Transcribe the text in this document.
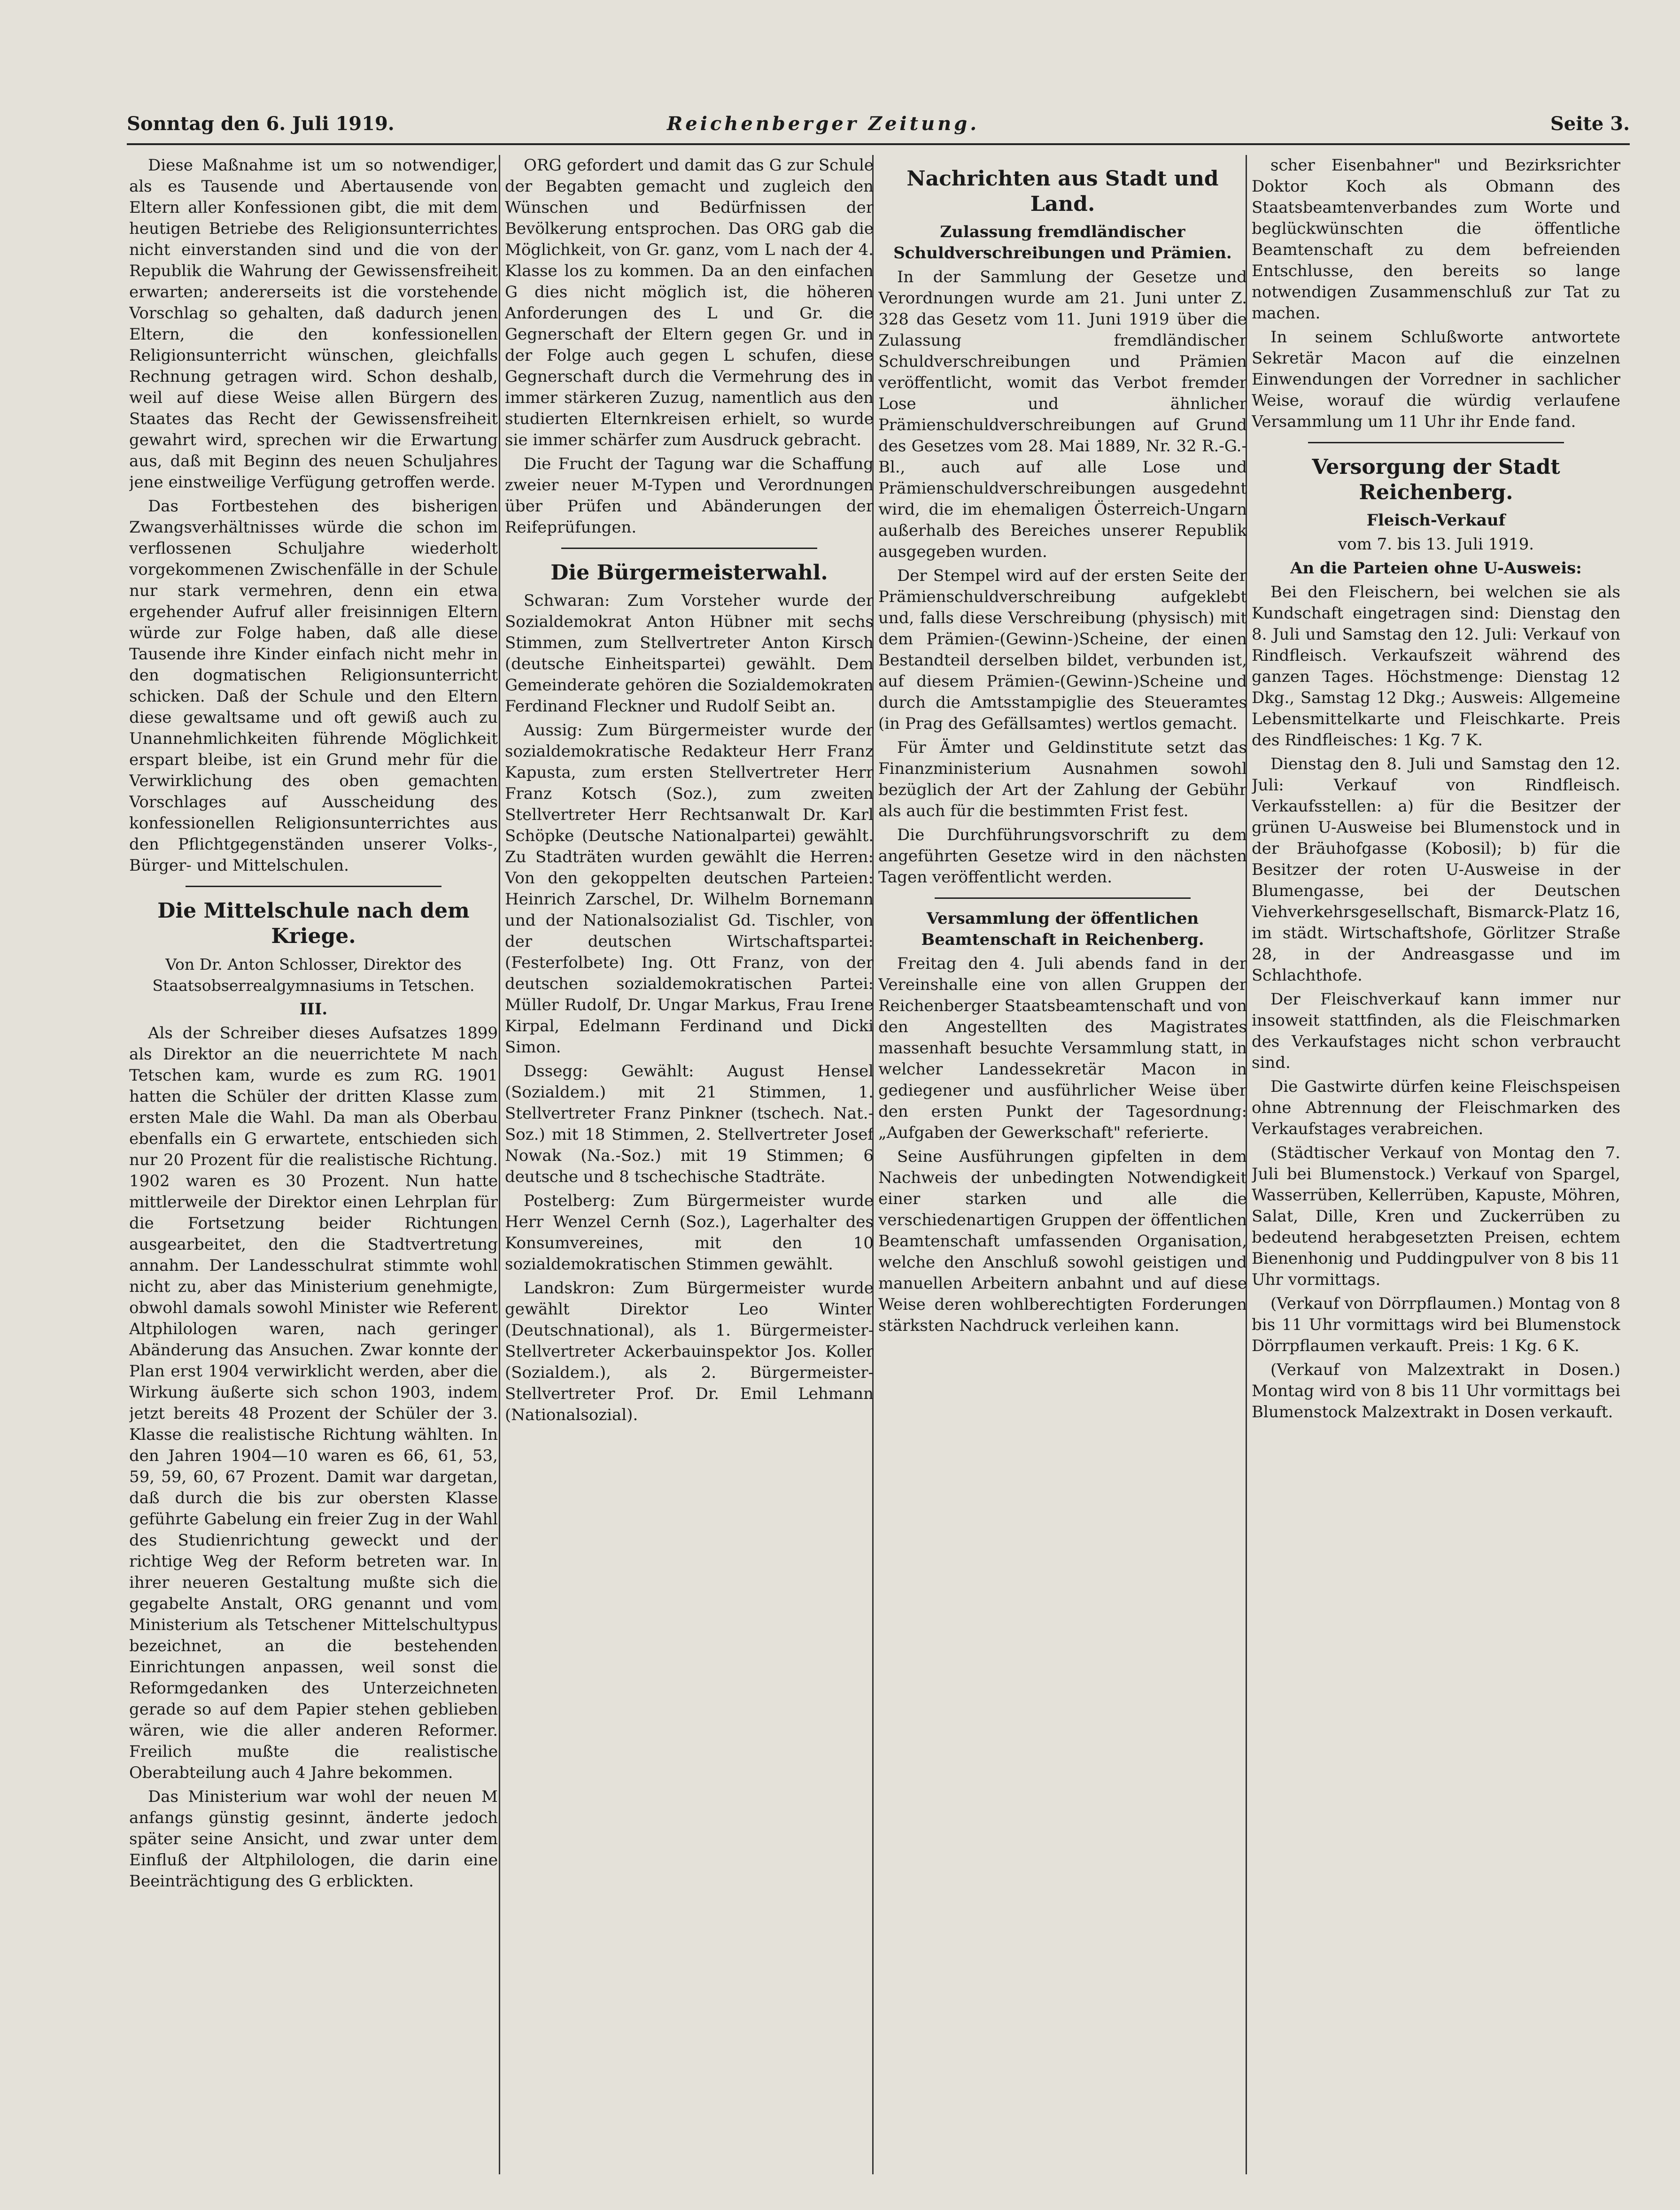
Sonntag den 6. Juli 1919.	Reichenberger Zeitung.	Seite 3.

Diese Maßnahme ist um so notwendiger, als es Tausende und Abertausende von Eltern aller Konfessionen gibt, die mit dem heutigen Betriebe des Religionsunterrichtes nicht einverstanden sind und die von der Republik die Wahrung der Gewissensfreiheit erwarten; andererseits ist die vorstehende Vorschlag so gehalten, daß dadurch jenen Eltern, die den konfessionellen Religionsunterricht wünschen, gleichfalls Rechnung getragen wird. Schon deshalb, weil auf diese Weise allen Bürgern des Staates das Recht der Gewissensfreiheit gewahrt wird, sprechen wir die Erwartung aus, daß mit Beginn des neuen Schuljahres jene einstweilige Verfügung getroffen werde.

Das Fortbestehen des bisherigen Zwangsverhältnisses würde die schon im verflossenen Schuljahre wiederholt vorgekommenen Zwischenfälle in der Schule nur stark vermehren, denn ein etwa ergehender Aufruf aller freisinnigen Eltern würde zur Folge haben, daß alle diese Tausende ihre Kinder einfach nicht mehr in den dogmatischen Religionsunterricht schicken. Daß der Schule und den Eltern diese gewaltsame und oft gewiß auch zu Unannehmlichkeiten führende Möglichkeit erspart bleibe, ist ein Grund mehr für die Verwirklichung des oben gemachten Vorschlages auf Ausscheidung des konfessionellen Religionsunterrichtes aus den Pflichtgegenständen unserer Volks-, Bürger- und Mittelschulen.

Die Mittelschule nach dem Kriege.

Von Dr. Anton Schlosser, Direktor des Staatsobserrealgymnasiums in Tetschen.

III.

Als der Schreiber dieses Aufsatzes 1899 als Direktor an die neuerrichtete M nach Tetschen kam, wurde es zum RG. 1901 hatten die Schüler der dritten Klasse zum ersten Male die Wahl. Da man als Oberbau ebenfalls ein G erwartete, entschieden sich nur 20 Prozent für die realistische Richtung. 1902 waren es 30 Prozent. Nun hatte mittlerweile der Direktor einen Lehrplan für die Fortsetzung beider Richtungen ausgearbeitet, den die Stadtvertretung annahm. Der Landesschulrat stimmte wohl nicht zu, aber das Ministerium genehmigte, obwohl damals sowohl Minister wie Referent Altphilologen waren, nach geringer Abänderung das Ansuchen. Zwar konnte der Plan erst 1904 verwirklicht werden, aber die Wirkung äußerte sich schon 1903, indem jetzt bereits 48 Prozent der Schüler der 3. Klasse die realistische Richtung wählten. In den Jahren 1904—10 waren es 66, 61, 53, 59, 59, 60, 67 Prozent. Damit war dargetan, daß durch die bis zur obersten Klasse geführte Gabelung ein freier Zug in der Wahl des Studienrichtung geweckt und der richtige Weg der Reform betreten war. In ihrer neueren Gestaltung mußte sich die gegabelte Anstalt, ORG genannt und vom Ministerium als Tetschener Mittelschultypus bezeichnet, an die bestehenden Einrichtungen anpassen, weil sonst die Reformgedanken des Unterzeichneten gerade so auf dem Papier stehen geblieben wären, wie die aller anderen Reformer. Freilich mußte die realistische Oberabteilung auch 4 Jahre bekommen.

Das Ministerium war wohl der neuen M anfangs günstig gesinnt, änderte jedoch später seine Ansicht, und zwar unter dem Einfluß der Altphilologen, die darin eine Beeinträchtigung des G erblickten.

ORG gefordert und damit das G zur Schule der Begabten gemacht und zugleich den Wünschen und Bedürfnissen der Bevölkerung entsprochen. Das ORG gab die Möglichkeit, von Gr. ganz, vom L nach der 4. Klasse los zu kommen. Da an den einfachen G dies nicht möglich ist, die höheren Anforderungen des L und Gr. die Gegnerschaft der Eltern gegen Gr. und in der Folge auch gegen L schufen, diese Gegnerschaft durch die Vermehrung des in immer stärkeren Zuzug, namentlich aus den studierten Elternkreisen erhielt, so wurde sie immer schärfer zum Ausdruck gebracht.

Die Frucht der Tagung war die Schaffung zweier neuer M-Typen und Verordnungen über Prüfen und Abänderungen der Reifeprüfungen.

Die Bürgermeisterwahl.

Schwaran: Zum Vorsteher wurde der Sozialdemokrat Anton Hübner mit sechs Stimmen, zum Stellvertreter Anton Kirsch (deutsche Einheitspartei) gewählt. Dem Gemeinderate gehören die Sozialdemokraten Ferdinand Fleckner und Rudolf Seibt an.

Aussig: Zum Bürgermeister wurde der sozialdemokratische Redakteur Herr Franz Kapusta, zum ersten Stellvertreter Herr Franz Kotsch (Soz.), zum zweiten Stellvertreter Herr Rechtsanwalt Dr. Karl Schöpke (Deutsche Nationalpartei) gewählt. Zu Stadträten wurden gewählt die Herren: Von den gekoppelten deutschen Parteien: Heinrich Zarschel, Dr. Wilhelm Bornemann und der Nationalsozialist Gd. Tischler, von der deutschen Wirtschaftspartei: (Festerfolbete) Ing. Ott Franz, von der deutschen sozialdemokratischen Partei: Müller Rudolf, Dr. Ungar Markus, Frau Irene Kirpal, Edelmann Ferdinand und Dicki Simon.

Dssegg: Gewählt: August Hensel (Sozialdem.) mit 21 Stimmen, 1. Stellvertreter Franz Pinkner (tschech. Nat.-Soz.) mit 18 Stimmen, 2. Stellvertreter Josef Nowak (Na.-Soz.) mit 19 Stimmen; 6 deutsche und 8 tschechische Stadträte.

Postelberg: Zum Bürgermeister wurde Herr Wenzel Cernh (Soz.), Lagerhalter des Konsumvereines, mit den 10 sozialdemokratischen Stimmen gewählt.

Landskron: Zum Bürgermeister wurde gewählt Direktor Leo Winter (Deutschnational), als 1. Bürgermeister-Stellvertreter Ackerbauinspektor Jos. Koller (Sozialdem.), als 2. Bürgermeister-Stellvertreter Prof. Dr. Emil Lehmann (Nationalsozial).

Nachrichten aus Stadt und Land.

Zulassung fremdländischer Schuldverschreibungen und Prämien.

In der Sammlung der Gesetze und Verordnungen wurde am 21. Juni unter Z. 328 das Gesetz vom 11. Juni 1919 über die Zulassung fremdländischer Schuldverschreibungen und Prämien veröffentlicht, womit das Verbot fremder Lose und ähnlicher Prämienschuldverschreibungen auf Grund des Gesetzes vom 28. Mai 1889, Nr. 32 R.-G.-Bl., auch auf alle Lose und Prämienschuldverschreibungen ausgedehnt wird, die im ehemaligen Österreich-Ungarn außerhalb des Bereiches unserer Republik ausgegeben wurden.

Der Stempel wird auf der ersten Seite der Prämienschuldverschreibung aufgeklebt und, falls diese Verschreibung (physisch) mit dem Prämien-(Gewinn-)Scheine, der einen Bestandteil derselben bildet, verbunden ist, auf diesem Prämien-(Gewinn-)Scheine und durch die Amtsstampiglie des Steueramtes (in Prag des Gefällsamtes) wertlos gemacht.

Für Ämter und Geldinstitute setzt das Finanzministerium Ausnahmen sowohl bezüglich der Art der Zahlung der Gebühr als auch für die bestimmten Frist fest.

Die Durchführungsvorschrift zu dem angeführten Gesetze wird in den nächsten Tagen veröffentlicht werden.

Versammlung der öffentlichen Beamtenschaft in Reichenberg.

Freitag den 4. Juli abends fand in der Vereinshalle eine von allen Gruppen der Reichenberger Staatsbeamtenschaft und von den Angestellten des Magistrates massenhaft besuchte Versammlung statt, in welcher Landessekretär Macon in gediegener und ausführlicher Weise über den ersten Punkt der Tagesordnung: „Aufgaben der Gewerkschaft" referierte.

Seine Ausführungen gipfelten in dem Nachweis der unbedingten Notwendigkeit einer starken und alle die verschiedenartigen Gruppen der öffentlichen Beamtenschaft umfassenden Organisation, welche den Anschluß sowohl geistigen und manuellen Arbeitern anbahnt und auf diese Weise deren wohlberechtigten Forderungen stärksten Nachdruck verleihen kann.

scher Eisenbahner" und Bezirksrichter Doktor Koch als Obmann des Staatsbeamtenverbandes zum Worte und beglückwünschten die öffentliche Beamtenschaft zu dem befreienden Entschlusse, den bereits so lange notwendigen Zusammenschluß zur Tat zu machen.

In seinem Schlußworte antwortete Sekretär Macon auf die einzelnen Einwendungen der Vorredner in sachlicher Weise, worauf die würdig verlaufene Versammlung um 11 Uhr ihr Ende fand.

Versorgung der Stadt Reichenberg.

Fleisch-Verkauf

vom 7. bis 13. Juli 1919.

An die Parteien ohne U-Ausweis:

Bei den Fleischern, bei welchen sie als Kundschaft eingetragen sind: Dienstag den 8. Juli und Samstag den 12. Juli: Verkauf von Rindfleisch. Verkaufszeit während des ganzen Tages. Höchstmenge: Dienstag 12 Dkg., Samstag 12 Dkg.; Ausweis: Allgemeine Lebensmittelkarte und Fleischkarte. Preis des Rindfleisches: 1 Kg. 7 K.

Dienstag den 8. Juli und Samstag den 12. Juli: Verkauf von Rindfleisch. Verkaufsstellen: a) für die Besitzer der grünen U-Ausweise bei Blumenstock und in der Bräuhofgasse (Kobosil); b) für die Besitzer der roten U-Ausweise in der Blumengasse, bei der Deutschen Viehverkehrsgesellschaft, Bismarck-Platz 16, im städt. Wirtschaftshofe, Görlitzer Straße 28, in der Andreasgasse und im Schlachthofe.

Der Fleischverkauf kann immer nur insoweit stattfinden, als die Fleischmarken des Verkaufstages nicht schon verbraucht sind.

Die Gastwirte dürfen keine Fleischspeisen ohne Abtrennung der Fleischmarken des Verkaufstages verabreichen.

(Städtischer Verkauf von Montag den 7. Juli bei Blumenstock.) Verkauf von Spargel, Wasserrüben, Kellerrüben, Kapuste, Möhren, Salat, Dille, Kren und Zuckerrüben zu bedeutend herabgesetzten Preisen, echtem Bienenhonig und Puddingpulver von 8 bis 11 Uhr vormittags.

(Verkauf von Dörrpflaumen.) Montag von 8 bis 11 Uhr vormittags wird bei Blumenstock Dörrpflaumen verkauft. Preis: 1 Kg. 6 K.

(Verkauf von Malzextrakt in Dosen.) Montag wird von 8 bis 11 Uhr vormittags bei Blumenstock Malzextrakt in Dosen verkauft.
